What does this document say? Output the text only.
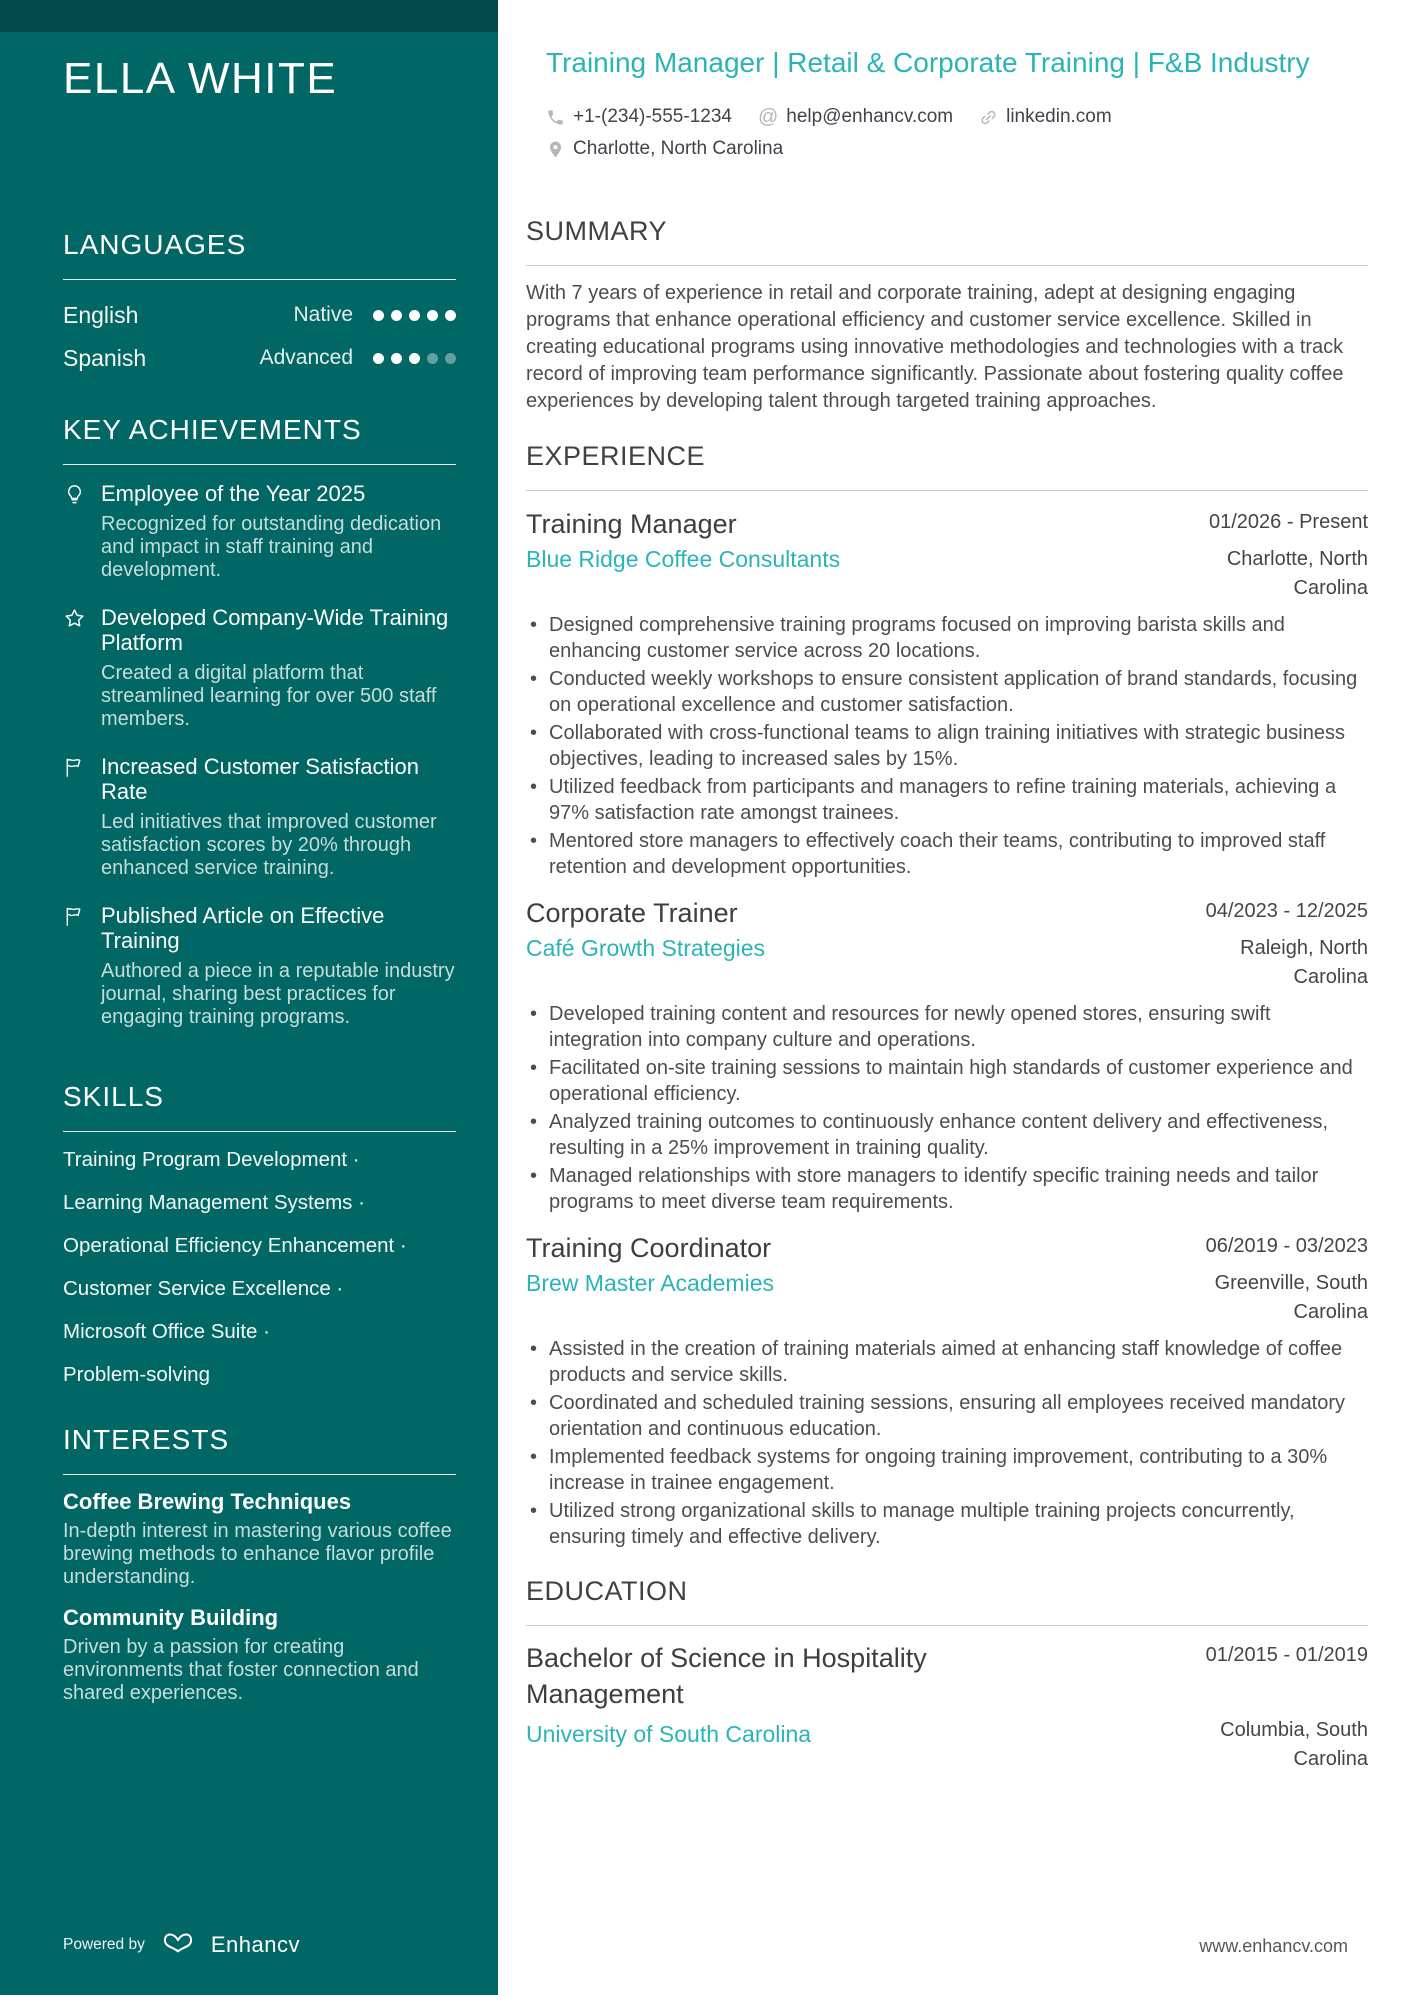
ELLA WHITE
LANGUAGES
English	Native
Spanish	Advanced
KEY ACHIEVEMENTS
Employee of the Year 2025
Recognized for outstanding dedication and impact in staff training and development.
Developed Company-Wide Training Platform
Created a digital platform that streamlined learning for over 500 staff members.
Increased Customer Satisfaction Rate
Led initiatives that improved customer satisfaction scores by 20% through enhanced service training.
Published Article on Effective Training
Authored a piece in a reputable industry journal, sharing best practices for engaging training programs.
SKILLS
Training Program Development ·
Learning Management Systems ·
Operational Efficiency Enhancement ·
Customer Service Excellence ·
Microsoft Office Suite ·
Problem-solving
INTERESTS
Coffee Brewing Techniques
In-depth interest in mastering various coffee brewing methods to enhance flavor profile understanding.
Community Building
Driven by a passion for creating environments that foster connection and shared experiences.
Powered by	Enhancv
Training Manager | Retail & Corporate Training | F&B Industry
+1-(234)-555-1234 @ help@enhancv.com	linkedin.com
Charlotte, North Carolina
SUMMARY

With 7 years of experience in retail and corporate training, adept at designing engaging programs that enhance operational efficiency and customer service excellence. Skilled in creating educational programs using innovative methodologies and technologies with a track record of improving team performance significantly. Passionate about fostering quality coffee experiences by developing talent through targeted training approaches.

EXPERIENCE
Training Manager	01/2026 - Present
Blue Ridge Coffee Consultants	Charlotte, North Carolina
• Designed comprehensive training programs focused on improving barista skills and enhancing customer service across 20 locations.
• Conducted weekly workshops to ensure consistent application of brand standards, focusing on operational excellence and customer satisfaction.
• Collaborated with cross-functional teams to align training initiatives with strategic business objectives, leading to increased sales by 15%.
• Utilized feedback from participants and managers to refine training materials, achieving a 97% satisfaction rate amongst trainees.
• Mentored store managers to effectively coach their teams, contributing to improved staff retention and development opportunities.
Corporate Trainer	04/2023 - 12/2025
Café Growth Strategies	Raleigh, North Carolina
• Developed training content and resources for newly opened stores, ensuring swift integration into company culture and operations.
• Facilitated on-site training sessions to maintain high standards of customer experience and operational efficiency.
• Analyzed training outcomes to continuously enhance content delivery and effectiveness, resulting in a 25% improvement in training quality.
• Managed relationships with store managers to identify specific training needs and tailor programs to meet diverse team requirements.
Training Coordinator	06/2019 - 03/2023
Brew Master Academies	Greenville, South Carolina
• Assisted in the creation of training materials aimed at enhancing staff knowledge of coffee products and service skills.
• Coordinated and scheduled training sessions, ensuring all employees received mandatory orientation and continuous education.
• Implemented feedback systems for ongoing training improvement, contributing to a 30% increase in trainee engagement.
• Utilized strong organizational skills to manage multiple training projects concurrently, ensuring timely and effective delivery.
EDUCATION
Bachelor of Science in Hospitality Management
01/2015 - 01/2019
University of South Carolina	Columbia, South Carolina
www.enhancv.com
